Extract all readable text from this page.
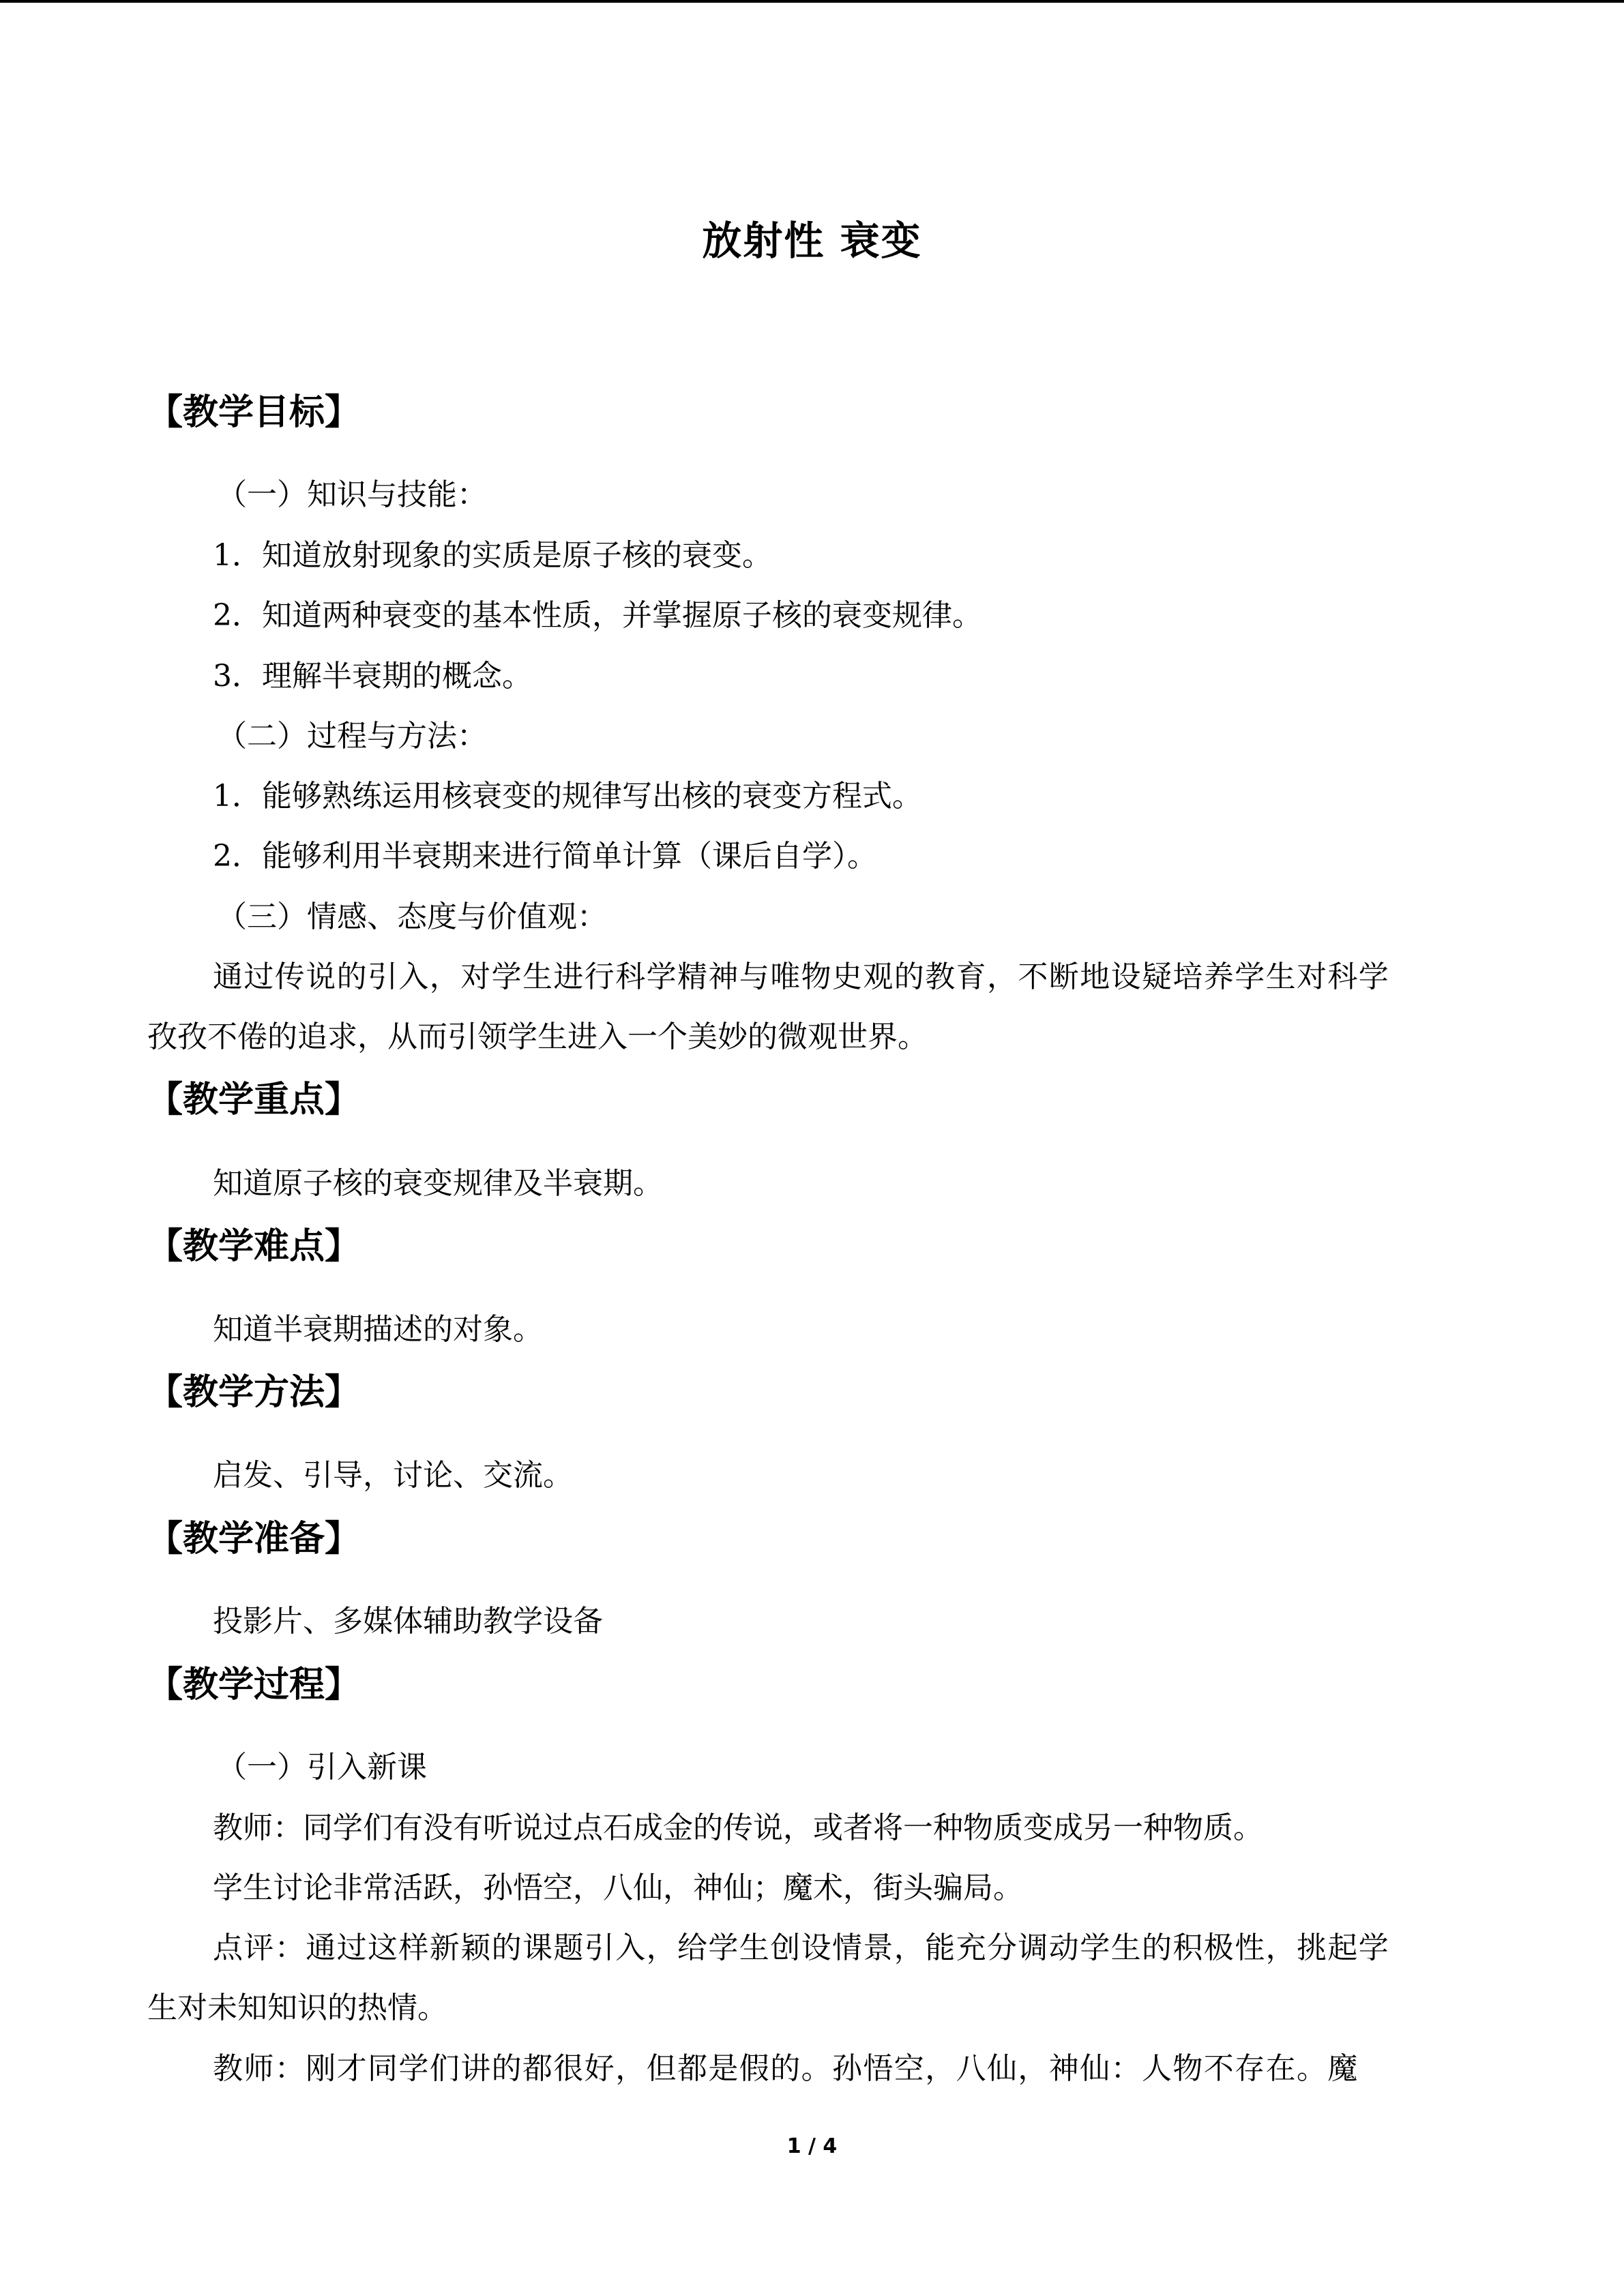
放射性 衰变
【教学目标】
（一）知识与技能：
1．知道放射现象的实质是原子核的衰变。
2．知道两种衰变的基本性质，并掌握原子核的衰变规律。
3．理解半衰期的概念。
（二）过程与方法：
1．能够熟练运用核衰变的规律写出核的衰变方程式。
2．能够利用半衰期来进行简单计算（课后自学）。
（三）情感、态度与价值观：
通过传说的引入，对学生进行科学精神与唯物史观的教育，不断地设疑培养学生对科学
孜孜不倦的追求，从而引领学生进入一个美妙的微观世界。
【教学重点】
知道原子核的衰变规律及半衰期。
【教学难点】
知道半衰期描述的对象。
【教学方法】
启发、引导，讨论、交流。
【教学准备】
投影片、多媒体辅助教学设备
【教学过程】
（一）引入新课
教师：同学们有没有听说过点石成金的传说，或者将一种物质变成另一种物质。
学生讨论非常活跃，孙悟空，八仙，神仙；魔术，街头骗局。
点评：通过这样新颖的课题引入，给学生创设情景，能充分调动学生的积极性，挑起学
生对未知知识的热情。
教师：刚才同学们讲的都很好，但都是假的。孙悟空，八仙，神仙：人物不存在。魔
1 / 4
